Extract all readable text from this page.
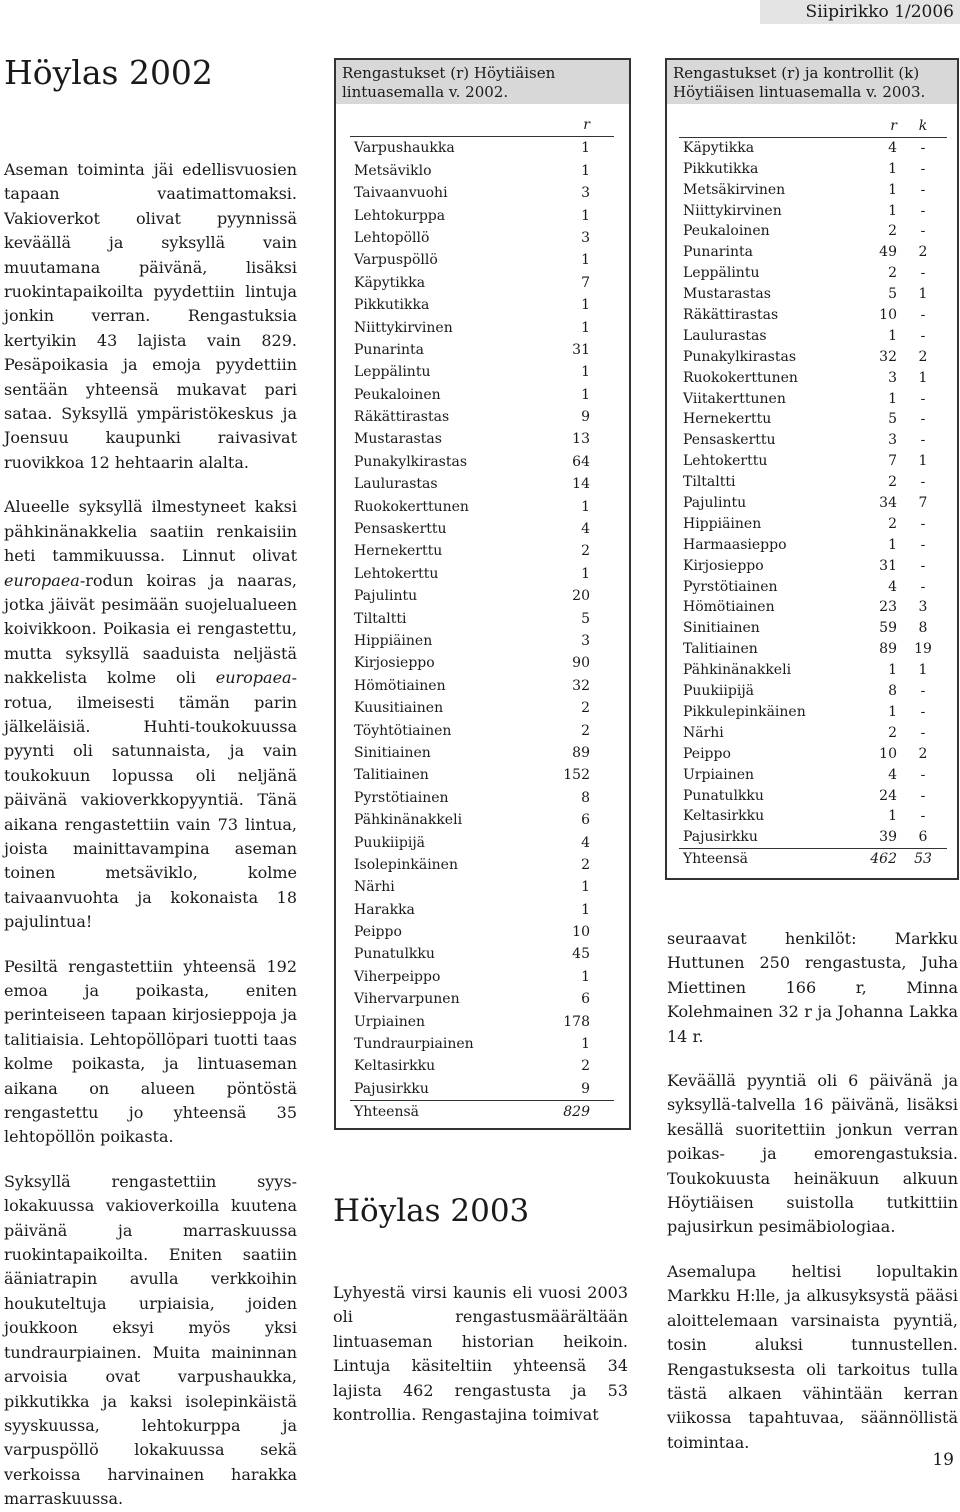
Siipirikko 1/2006
Höylas 2002

Aseman toiminta jäi edellisvuosien tapaan vaatimattomaksi. Vakioverkot olivat pyynnissä keväällä ja syksyllä vain muutamana päivänä, lisäksi ruokintapaikoilta pyydettiin lintuja jonkin verran. Rengastuksia kertyikin 43 lajista vain 829. Pesäpoikasia ja emoja pyydettiin sentään yhteensä mukavat pari sataa. Syksyllä ympäristökeskus ja Joensuu kaupunki raivasivat ruovikkoa 12 hehtaarin alalta.

Alueelle syksyllä ilmestyneet kaksi pähkinänakkelia saatiin renkaisiin heti tammikuussa. Linnut olivat europaea-rodun koiras ja naaras, jotka jäivät pesimään suojelualueen koivikkoon. Poikasia ei rengastettu, mutta syksyllä saaduista neljästä nakkelista kolme oli europaea-rotua, ilmeisesti tämän parin jälkeläisiä. Huhti-toukokuussa pyynti oli satunnaista, ja vain toukokuun lopussa oli neljänä päivänä vakioverkkopyyntiä. Tänä aikana rengastettiin vain 73 lintua, joista mainittavampina aseman toinen metsäviklo, kolme taivaanvuohta ja kokonaista 18 pajulintua!

Pesiltä rengastettiin yhteensä 192 emoa ja poikasta, eniten perinteiseen tapaan kirjosieppoja ja talitiaisia. Lehtopöllöpari tuotti taas kolme poikasta, ja lintuaseman aikana on alueen pöntöstä rengastettu jo yhteensä 35 lehtopöllön poikasta.

Syksyllä rengastettiin syys-lokakuussa vakioverkoilla kuutena päivänä ja marraskuussa ruokintapaikoilta. Eniten saatiin ääniatrapin avulla verkkoihin houkuteltuja urpiaisia, joiden joukkoon eksyi myös yksi tundraurpiainen. Muita maininnan arvoisia ovat varpushaukka, pikkutikka ja kaksi isolepinkäistä syyskuussa, lehtokurppa ja varpuspöllö lokakuussa sekä verkoissa harvinainen harakka marraskuussa.

Rengastukset (r) Höytiäisen lintuasemalla v. 2002.
r
Varpushaukka	1
Metsäviklo	1
Taivaanvuohi	3
Lehtokurppa	1
Lehtopöllö	3
Varpuspöllö	1
Käpytikka	7
Pikkutikka	1
Niittykirvinen	1
Punarinta	31
Leppälintu	1
Peukaloinen	1
Räkättirastas	9
Mustarastas	13
Punakylkirastas	64
Laulurastas	14
Ruokokerttunen	1
Pensaskerttu	4
Hernekerttu	2
Lehtokerttu	1
Pajulintu	20
Tiltaltti	5
Hippiäinen	3
Kirjosieppo	90
Hömötiainen	32
Kuusitiainen	2
Töyhtötiainen	2
Sinitiainen	89
Talitiainen	152
Pyrstötiainen	8
Pähkinänakkeli	6
Puukiipijä	4
Isolepinkäinen	2
Närhi	1
Harakka	1
Peippo	10
Punatulkku	45
Viherpeippo	1
Vihervarpunen	6
Urpiainen	178
Tundraurpiainen	1
Keltasirkku	2
Pajusirkku	9
Yhteensä	829
Rengastukset (r) ja kontrollit (k) Höytiäisen lintuasemalla v. 2003.
r	k
Käpytikka	4	-
Pikkutikka	1	-
Metsäkirvinen	1	-
Niittykirvinen	1	-
Peukaloinen	2	-
Punarinta	49	2
Leppälintu	2	-
Mustarastas	5	1
Räkättirastas	10	-
Laulurastas	1	-
Punakylkirastas	32	2
Ruokokerttunen	3	1
Viitakerttunen	1	-
Hernekerttu	5	-
Pensaskerttu	3	-
Lehtokerttu	7	1
Tiltaltti	2	-
Pajulintu	34	7
Hippiäinen	2	-
Harmaasieppo	1	-
Kirjosieppo	31	-
Pyrstötiainen	4	-
Hömötiainen	23	3
Sinitiainen	59	8
Talitiainen	89 19
Pähkinänakkeli	1	1
Puukiipijä	8	-
Pikkulepinkäinen	1	-
Närhi	2	-
Peippo	10	2
Urpiainen	4	-
Punatulkku	24	-
Keltasirkku	1	-
Pajusirkku	39	6
Yhteensä	462 53
Höylas 2003

Lyhyestä virsi kaunis eli vuosi 2003 oli rengastusmäärältään lintuaseman historian heikoin. Lintuja käsiteltiin yhteensä 34 lajista 462 rengastusta ja 53 kontrollia. Rengastajina toimivat

seuraavat henkilöt: Markku Huttunen 250 rengastusta, Juha Miettinen 166 r, Minna Kolehmainen 32 r ja Johanna Lakka 14 r.

Keväällä pyyntiä oli 6 päivänä ja syksyllä-talvella 16 päivänä, lisäksi kesällä suoritettiin jonkun verran poikas- ja emorengastuksia. Toukokuusta heinäkuun alkuun Höytiäisen suistolla tutkittiin pajusirkun pesimäbiologiaa.

Asemalupa heltisi lopultakin Markku H:lle, ja alkusyksystä pääsi aloittelemaan varsinaista pyyntiä, tosin aluksi tunnustellen. Rengastuksesta oli tarkoitus tulla tästä alkaen vähintään kerran viikossa tapahtuvaa, säännöllistä toimintaa.

19
